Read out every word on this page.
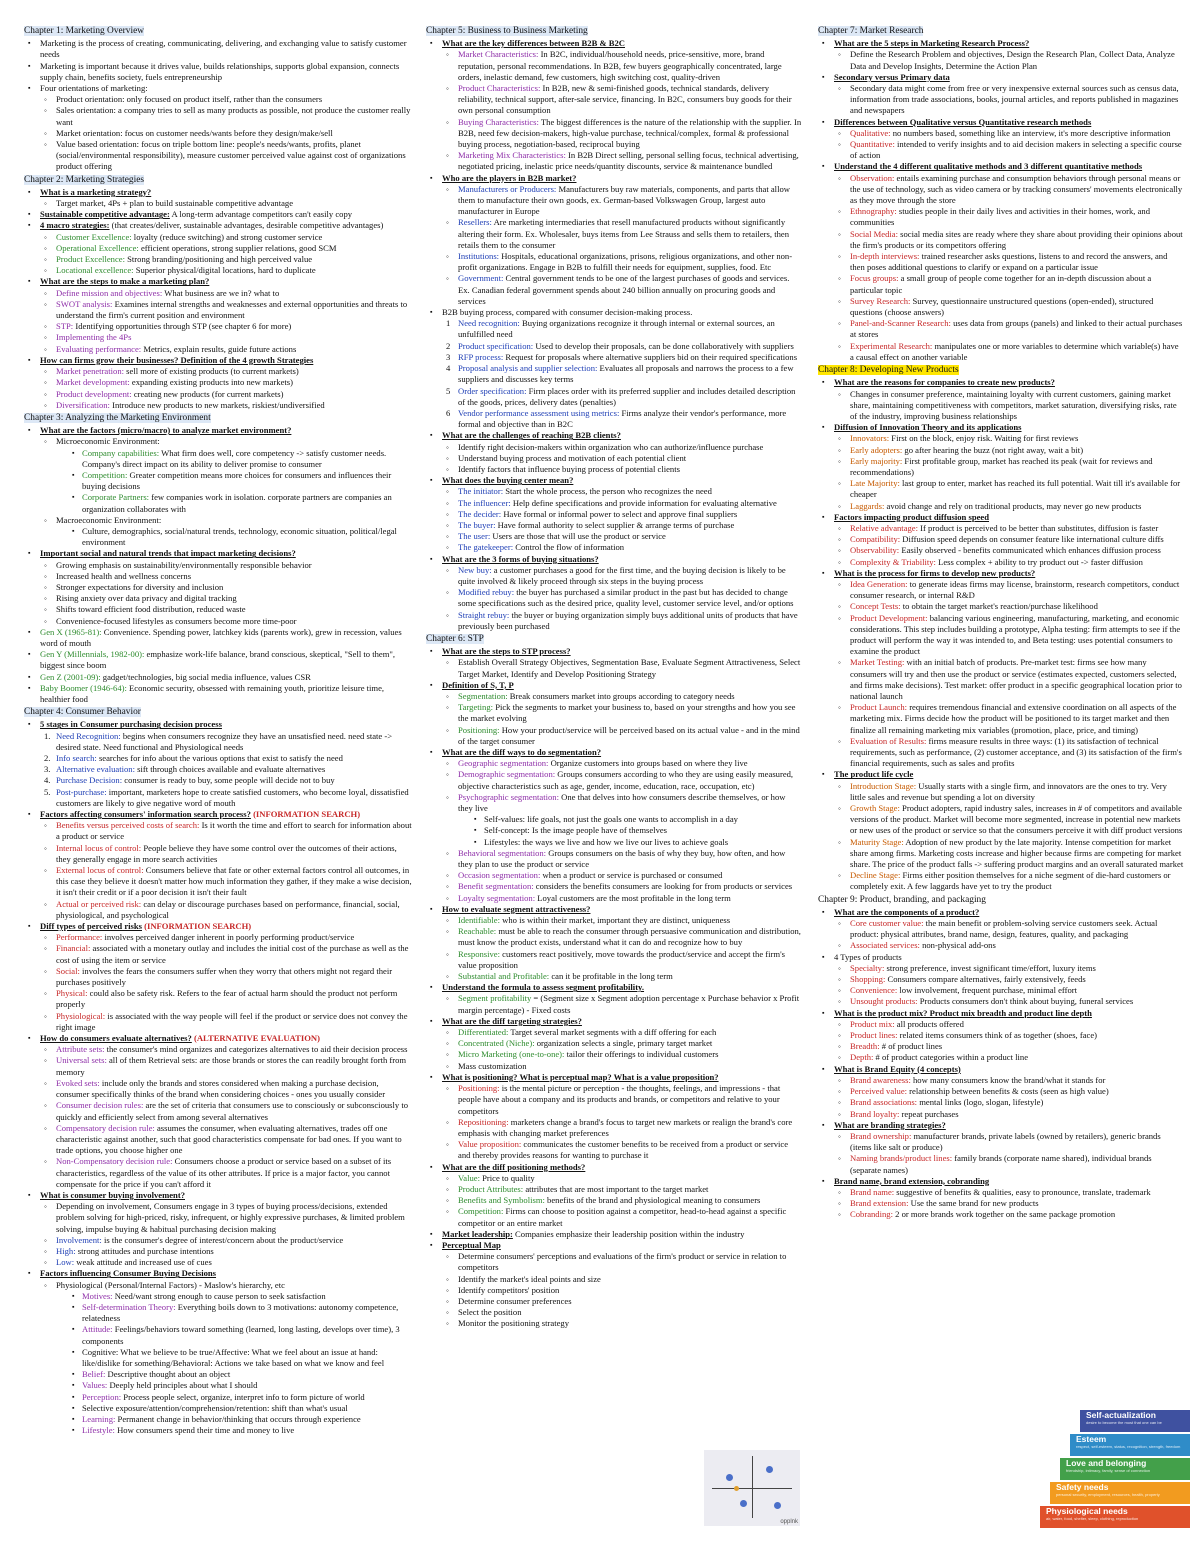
Chapter 1: Marketing Overview
▪ Marketing is the process of creating, communicating, delivering, and exchanging value to satisfy customer needs
▪ Marketing is important because it drives value, builds relationships, supports global expansion, connects supply chain, benefits society, fuels entrepreneurship
▪ Four orientations of marketing:
◦ Product orientation: only focused on product itself, rather than the consumers
◦ Sales orientation: a company tries to sell as many products as possible, not produce the customer really want
◦ Market orientation: focus on customer needs/wants before they design/make/sell
◦ Value based orientation: focus on triple bottom line: people's needs/wants, profits, planet (social/environmental responsibility), measure customer perceived value against cost of organizations product offering
Chapter 2: Marketing Strategies
▪ What is a marketing strategy?
◦ Target market, 4Ps + plan to build sustainable competitive advantage
▪ Sustainable competitive advantage: A long-term advantage competitors can't easily copy
▪ 4 macro strategies: (that creates/deliver, sustainable advantages, desirable competitive advantages)
◦ Customer Excellence: loyalty (reduce switching) and strong customer service
◦ Operational Excellence: efficient operations, strong supplier relations, good SCM
◦ Product Excellence: Strong branding/positioning and high perceived value
◦ Locational excellence: Superior physical/digital locations, hard to duplicate
▪ What are the steps to make a marketing plan?
◦ Define mission and objectives: What business are we in? what to
◦ SWOT analysis: Examines internal strengths and weaknesses and external opportunities and threats to understand the firm's current position and environment
◦ STP: Identifying opportunities through STP (see chapter 6 for more)
◦ Implementing the 4Ps
◦ Evaluating performance: Metrics, explain results, guide future actions
▪ How can firms grow their businesses? Definition of the 4 growth Strategies
◦ Market penetration: sell more of existing products (to current markets)
◦ Market development: expanding existing products into new markets)
◦ Product development: creating new products (for current markets)
◦ Diversification: Introduce new products to new markets, riskiest/undiversified
Chapter 3: Analyzing the Marketing Environment
▪ What are the factors (micro/macro) to analyze market environment?
◦ Microeconomic Environment:
▪ Company capabilities: What firm does well, core competency -> satisfy customer needs. Company's direct impact on its ability to deliver promise to consumer
▪ Competition: Greater competition means more choices for consumers and influences their buying decisions
▪ Corporate Partners: few companies work in isolation. corporate partners are companies an organization collaborates with
◦ Macroeconomic Environment:
▪ Culture, demographics, social/natural trends, technology, economic situation, political/legal environment
▪ Important social and natural trends that impact marketing decisions?
◦ Growing emphasis on sustainability/environmentally responsible behavior
◦ Increased health and wellness concerns
◦ Stronger expectations for diversity and inclusion
◦ Rising anxiety over data privacy and digital tracking
◦ Shifts toward efficient food distribution, reduced waste
◦ Convenience-focused lifestyles as consumers become more time-poor
▪ Gen X (1965-81): Convenience. Spending power, latchkey kids (parents work), grew in recession, values word of mouth
▪ Gen Y (Millennials, 1982-00): emphasize work-life balance, brand conscious, skeptical, "Sell to them", biggest since boom
▪ Gen Z (2001-09): gadget/technologies, big social media influence, values CSR
▪ Baby Boomer (1946-64): Economic security, obsessed with remaining youth, prioritize leisure time, healthier food
Chapter 4: Consumer Behavior
▪ 5 stages in Consumer purchasing decision process
1. Need Recognition: begins when consumers recognize they have an unsatisfied need. need state -> desired state. Need functional and Physiological needs
2. Info search: searches for info about the various options that exist to satisfy the need
3. Alternative evaluation: sift through choices available and evaluate alternatives
4. Purchase Decision: consumer is ready to buy, some people will decide not to buy
5. Post-purchase: important, marketers hope to create satisfied customers, who become loyal, dissatisfied customers are likely to give negative word of mouth
▪ Factors affecting consumers' information search process? (INFORMATION SEARCH)
◦ Benefits versus perceived costs of search: Is it worth the time and effort to search for information about a product or service
◦ Internal locus of control: People believe they have some control over the outcomes of their actions, they generally engage in more search activities
◦ External locus of control: Consumers believe that fate or other external factors control all outcomes, in this case they believe it doesn't matter how much information they gather, if they make a wise decision, it isn't their credit or if a poor decision it isn't their fault
◦ Actual or perceived risk: can delay or discourage purchases based on performance, financial, social, physiological, and psychological
▪ Diff types of perceived risks (INFORMATION SEARCH)
◦ Performance: involves perceived danger inherent in poorly performing product/service
◦ Financial: associated with a monetary outlay and includes the initial cost of the purchase as well as the cost of using the item or service
◦ Social: involves the fears the consumers suffer when they worry that others might not regard their purchases positively
◦ Physical: could also be safety risk. Refers to the fear of actual harm should the product not perform properly
◦ Physiological: is associated with the way people will feel if the product or service does not convey the right image
▪ How do consumers evaluate alternatives? (ALTERNATIVE EVALUATION)
◦ Attribute sets: the consumer's mind organizes and categorizes alternatives to aid their decision process
◦ Universal sets: all of them Retrieval sets: are those brands or stores the can readily brought forth from memory
◦ Evoked sets: include only the brands and stores considered when making a purchase decision, consumer specifically thinks of the brand when considering choices - ones you usually consider
◦ Consumer decision rules: are the set of criteria that consumers use to consciously or subconsciously to quickly and efficiently select from among several alternatives
◦ Compensatory decision rule: assumes the consumer, when evaluating alternatives, trades off one characteristic against another, such that good characteristics compensate for bad ones. If you want to trade options, you choose higher one
◦ Non-Compensatory decision rule: Consumers choose a product or service based on a subset of its characteristics, regardless of the value of its other attributes. If price is a major factor, you cannot compensate for the price if you can't afford it
▪ What is consumer buying involvement?
◦ Depending on involvement, Consumers engage in 3 types of buying process/decisions, extended problem solving for high-priced, risky, infrequent, or highly expressive purchases, & limited problem solving, impulse buying & habitual purchasing decision making
◦ Involvement: is the consumer's degree of interest/concern about the product/service
◦ High: strong attitudes and purchase intentions
◦ Low: weak attitude and increased use of cues
▪ Factors influencing Consumer Buying Decisions
◦ Physiological (Personal/Internal Factors) - Maslow's hierarchy, etc
▪ Motives: Need/want strong enough to cause person to seek satisfaction
▪ Self-determination Theory: Everything boils down to 3 motivations: autonomy competence, relatedness
▪ Attitude: Feelings/behaviors toward something (learned, long lasting, develops over time), 3 components
▪ Cognitive: What we believe to be true/Affective: What we feel about an issue at hand: like/dislike for something/Behavioral: Actions we take based on what we know and feel
▪ Belief: Descriptive thought about an object
▪ Values: Deeply held principles about what I should
▪ Perception: Process people select, organize, interpret info to form picture of world
▪ Selective exposure/attention/comprehension/retention: shift than what's usual
▪ Learning: Permanent change in behavior/thinking that occurs through experience
▪ Lifestyle: How consumers spend their time and money to live
Chapter 5: Business to Business Marketing
▪ What are the key differences between B2B & B2C
◦ Market Characteristics: In B2C, individual/household needs, price-sensitive, more, brand reputation, personal recommendations. In B2B, few buyers geographically concentrated, large orders, inelastic demand, few customers, high switching cost, quality-driven
◦ Product Characteristics: In B2B, new & semi-finished goods, technical standards, delivery reliability, technical support, after-sale service, financing. In B2C, consumers buy goods for their own personal consumption
◦ Buying Characteristics: The biggest differences is the nature of the relationship with the supplier. In B2B, need few decision-makers, high-value purchase, technical/complex, formal & professional buying process, negotiation-based, reciprocal buying
◦ Marketing Mix Characteristics: In B2B Direct selling, personal selling focus, technical advertising, negotiated pricing, inelastic price needs/quantity discounts, service & maintenance bundled
▪ Who are the players in B2B market?
◦ Manufacturers or Producers: Manufacturers buy raw materials, components, and parts that allow them to manufacture their own goods, ex. German-based Volkswagen Group, largest auto manufacturer in Europe
◦ Resellers: Are marketing intermediaries that resell manufactured products without significantly altering their form. Ex. Wholesaler, buys items from Lee Strauss and sells them to retailers, then retails them to the consumer
◦ Institutions: Hospitals, educational organizations, prisons, religious organizations, and other non-profit organizations. Engage in B2B to fulfill their needs for equipment, supplies, food. Etc
◦ Government: Central government tends to be one of the largest purchases of goods and services. Ex. Canadian federal government spends about 240 billion annually on procuring goods and services
▪ B2B buying process, compared with consumer decision-making process.
1 Need recognition: Buying organizations recognize it through internal or external sources, an unfulfilled need
2 Product specification: Used to develop their proposals, can be done collaboratively with suppliers
3 RFP process: Request for proposals where alternative suppliers bid on their required specifications
4 Proposal analysis and supplier selection: Evaluates all proposals and narrows the process to a few suppliers and discusses key terms
5 Order specification: Firm places order with its preferred supplier and includes detailed description of the goods, prices, delivery dates (penalties)
6 Vendor performance assessment using metrics: Firms analyze their vendor's performance, more formal and objective than in B2C
▪ What are the challenges of reaching B2B clients?
◦ Identify right decision-makers within organization who can authorize/influence purchase
◦ Understand buying process and motivation of each potential client
◦ Identify factors that influence buying process of potential clients
▪ What does the buying center mean?
◦ The initiator: Start the whole process, the person who recognizes the need
◦ The influencer: Help define specifications and provide information for evaluating alternative
◦ The decider: Have formal or informal power to select and approve final suppliers
◦ The buyer: Have formal authority to select supplier & arrange terms of purchase
◦ The user: Users are those that will use the product or service
◦ The gatekeeper: Control the flow of information
▪ What are the 3 forms of buying situations?
◦ New buy: a customer purchases a good for the first time, and the buying decision is likely to be quite involved & likely proceed through six steps in the buying process
◦ Modified rebuy: the buyer has purchased a similar product in the past but has decided to change some specifications such as the desired price, quality level, customer service level, and/or options
◦ Straight rebuy: the buyer or buying organization simply buys additional units of products that have previously been purchased
Chapter 6: STP
▪ What are the steps to STP process?
◦ Establish Overall Strategy Objectives, Segmentation Base, Evaluate Segment Attractiveness, Select Target Market, Identify and Develop Positioning Strategy
▪ Definition of S, T, P
◦ Segmentation: Break consumers market into groups according to category needs
◦ Targeting: Pick the segments to market your business to, based on your strengths and how you see the market evolving
◦ Positioning: How your product/service will be perceived based on its actual value - and in the mind of the target consumer
▪ What are the diff ways to do segmentation?
◦ Geographic segmentation: Organize customers into groups based on where they live
◦ Demographic segmentation: Groups consumers according to who they are using easily measured, objective characteristics such as age, gender, income, education, race, occupation, etc)
◦ Psychographic segmentation: One that delves into how consumers describe themselves, or how they live
▪ Self-values: life goals, not just the goals one wants to accomplish in a day
▪ Self-concept: Is the image people have of themselves
▪ Lifestyles: the ways we live and how we live our lives to achieve goals
◦ Behavioral segmentation: Groups consumers on the basis of why they buy, how often, and how they plan to use the product or service
◦ Occasion segmentation: when a product or service is purchased or consumed
◦ Benefit segmentation: considers the benefits consumers are looking for from products or services
◦ Loyalty segmentation: Loyal customers are the most profitable in the long term
▪ How to evaluate segment attractiveness?
◦ Identifiable: who is within their market, important they are distinct, uniqueness
◦ Reachable: must be able to reach the consumer through persuasive communication and distribution, must know the product exists, understand what it can do and recognize how to buy
◦ Responsive: customers react positively, move towards the product/service and accept the firm's value proposition
◦ Substantial and Profitable: can it be profitable in the long term
▪ Understand the formula to assess segment profitability.
◦ Segment profitability = (Segment size x Segment adoption percentage x Purchase behavior x Profit margin percentage) - Fixed costs
▪ What are the diff targeting strategies?
◦ Differentiated: Target several market segments with a diff offering for each
◦ Concentrated (Niche): organization selects a single, primary target market
◦ Micro Marketing (one-to-one): tailor their offerings to individual customers
◦ Mass customization
▪ What is positioning? What is perceptual map? What is a value proposition?
◦ Positioning: is the mental picture or perception - the thoughts, feelings, and impressions - that people have about a company and its products and brands, or competitors and relative to your competitors
◦ Repositioning: marketers change a brand's focus to target new markets or realign the brand's core emphasis with changing market preferences
◦ Value proposition: communicates the customer benefits to be received from a product or service and thereby provides reasons for wanting to purchase it
▪ What are the diff positioning methods?
◦ Value: Price to quality
◦ Product Attributes: attributes that are most important to the target market
◦ Benefits and Symbolism: benefits of the brand and physiological meaning to consumers
◦ Competition: Firms can choose to position against a competitor, head-to-head against a specific competitor or an entire market
▪ Market leadership: Companies emphasize their leadership position within the industry
▪ Perceptual Map
◦ Determine consumers' perceptions and evaluations of the firm's product or service in relation to competitors
◦ Identify the market's ideal points and size
◦ Identify competitors' position
◦ Determine consumer preferences
◦ Select the position
◦ Monitor the positioning strategy
Chapter 7: Market Research
▪ What are the 5 steps in Marketing Research Process?
◦ Define the Research Problem and objectives, Design the Research Plan, Collect Data, Analyze Data and Develop Insights, Determine the Action Plan
▪ Secondary versus Primary data
◦ Secondary data might come from free or very inexpensive external sources such as census data, information from trade associations, books, journal articles, and reports published in magazines and newspapers
▪ Differences between Qualitative versus Quantitative research methods
◦ Qualitative: no numbers based, something like an interview, it's more descriptive information
◦ Quantitative: intended to verify insights and to aid decision makers in selecting a specific course of action
▪ Understand the 4 different qualitative methods and 3 different quantitative methods
◦ Observation: entails examining purchase and consumption behaviors through personal means or the use of technology, such as video camera or by tracking consumers' movements electronically as they move through the store
◦ Ethnography: studies people in their daily lives and activities in their homes, work, and communities
◦ Social Media: social media sites are ready where they share about providing their opinions about the firm's products or its competitors offering
◦ In-depth interviews: trained researcher asks questions, listens to and record the answers, and then poses additional questions to clarify or expand on a particular issue
◦ Focus groups: a small group of people come together for an in-depth discussion about a particular topic
◦ Survey Research: Survey, questionnaire unstructured questions (open-ended), structured questions (choose answers)
◦ Panel-and-Scanner Research: uses data from groups (panels) and linked to their actual purchases at stores
◦ Experimental Research: manipulates one or more variables to determine which variable(s) have a causal effect on another variable
Chapter 8: Developing New Products
▪ What are the reasons for companies to create new products?
◦ Changes in consumer preference, maintaining loyalty with current customers, gaining market share, maintaining competitiveness with competitors, market saturation, diversifying risks, rate of the industry, improving business relationships
▪ Diffusion of Innovation Theory and its applications
◦ Innovators: First on the block, enjoy risk. Waiting for first reviews
◦ Early adopters: go after hearing the buzz (not right away, wait a bit)
◦ Early majority: First profitable group, market has reached its peak (wait for reviews and recommendations)
◦ Late Majority: last group to enter, market has reached its full potential. Wait till it's available for cheaper
◦ Laggards: avoid change and rely on traditional products, may never go new products
▪ Factors impacting product diffusion speed
◦ Relative advantage: If product is perceived to be better than substitutes, diffusion is faster
◦ Compatibility: Diffusion speed depends on consumer feature like international culture diffs
◦ Observability: Easily observed - benefits communicated which enhances diffusion process
◦ Complexity & Triability: Less complex + ability to try product out -> faster diffusion
▪ What is the process for firms to develop new products?
◦ Idea Generation: to generate ideas firms may license, brainstorm, research competitors, conduct consumer research, or internal R&D
◦ Concept Tests: to obtain the target market's reaction/purchase likelihood
◦ Product Development: balancing various engineering, manufacturing, marketing, and economic considerations. This step includes building a prototype, Alpha testing: firm attempts to see if the product will perform the way it was intended to, and Beta testing: uses potential consumers to examine the product
◦ Market Testing: with an initial batch of products. Pre-market test: firms see how many consumers will try and then use the product or service (estimates expected, customers selected, and firms make decisions). Test market: offer product in a specific geographical location prior to national launch
◦ Product Launch: requires tremendous financial and extensive coordination on all aspects of the marketing mix. Firms decide how the product will be positioned to its target market and then finalize all remaining marketing mix variables (promotion, place, price, and timing)
◦ Evaluation of Results: firms measure results in three ways: (1) its satisfaction of technical requirements, such as performance, (2) customer acceptance, and (3) its satisfaction of the firm's financial requirements, such as sales and profits
▪ The product life cycle
◦ Introduction Stage: Usually starts with a single firm, and innovators are the ones to try. Very little sales and revenue but spending a lot on diversity
◦ Growth Stage: Product adopters, rapid industry sales, increases in # of competitors and available versions of the product. Market will become more segmented, increase in potential new markets or new uses of the product or service so that the consumers perceive it with diff product versions
◦ Maturity Stage: Adoption of new product by the late majority. Intense competition for market share among firms. Marketing costs increase and higher because firms are competing for market share. The price of the product falls -> suffering product margins and an overall saturated market
◦ Decline Stage: Firms either position themselves for a niche segment of die-hard customers or completely exit. A few laggards have yet to try the product
Chapter 9: Product, branding, and packaging
▪ What are the components of a product?
◦ Core customer value: the main benefit or problem-solving service customers seek. Actual product: physical attributes, brand name, design, features, quality, and packaging
◦ Associated services: non-physical add-ons
▪ 4 Types of products
◦ Specialty: strong preference, invest significant time/effort, luxury items
◦ Shopping: Consumers compare alternatives, fairly extensively, feeds
◦ Convenience: low involvement, frequent purchase, minimal effort
◦ Unsought products: Products consumers don't think about buying, funeral services
▪ What is the product mix? Product mix breadth and product line depth
◦ Product mix: all products offered
◦ Product lines: related items consumers think of as together (shoes, face)
◦ Breadth: # of product lines
◦ Depth: # of product categories within a product line
▪ What is Brand Equity (4 concepts)
◦ Brand awareness: how many consumers know the brand/what it stands for
◦ Perceived value: relationship between benefits & costs (seen as high value)
◦ Brand associations: mental links (logo, slogan, lifestyle)
◦ Brand loyalty: repeat purchases
▪ What are branding strategies?
◦ Brand ownership: manufacturer brands, private labels (owned by retailers), generic brands (items like salt or produce)
◦ Naming brands/product lines: family brands (corporate name shared), individual brands (separate names)
▪ Brand name, brand extension, cobranding
◦ Brand name: suggestive of benefits & qualities, easy to pronounce, translate, trademark
◦ Brand extension: Use the same brand for new products
◦ Cobranding: 2 or more brands work together on the same package promotion
opplnk
Self-actualization
desire to become the most that one can be
Esteem
respect, self-esteem, status, recognition, strength, freedom
Love and belonging
friendship, intimacy, family, sense of connection
Safety needs
personal security, employment, resources, health, property
Physiological needs
air, water, food, shelter, sleep, clothing, reproduction
